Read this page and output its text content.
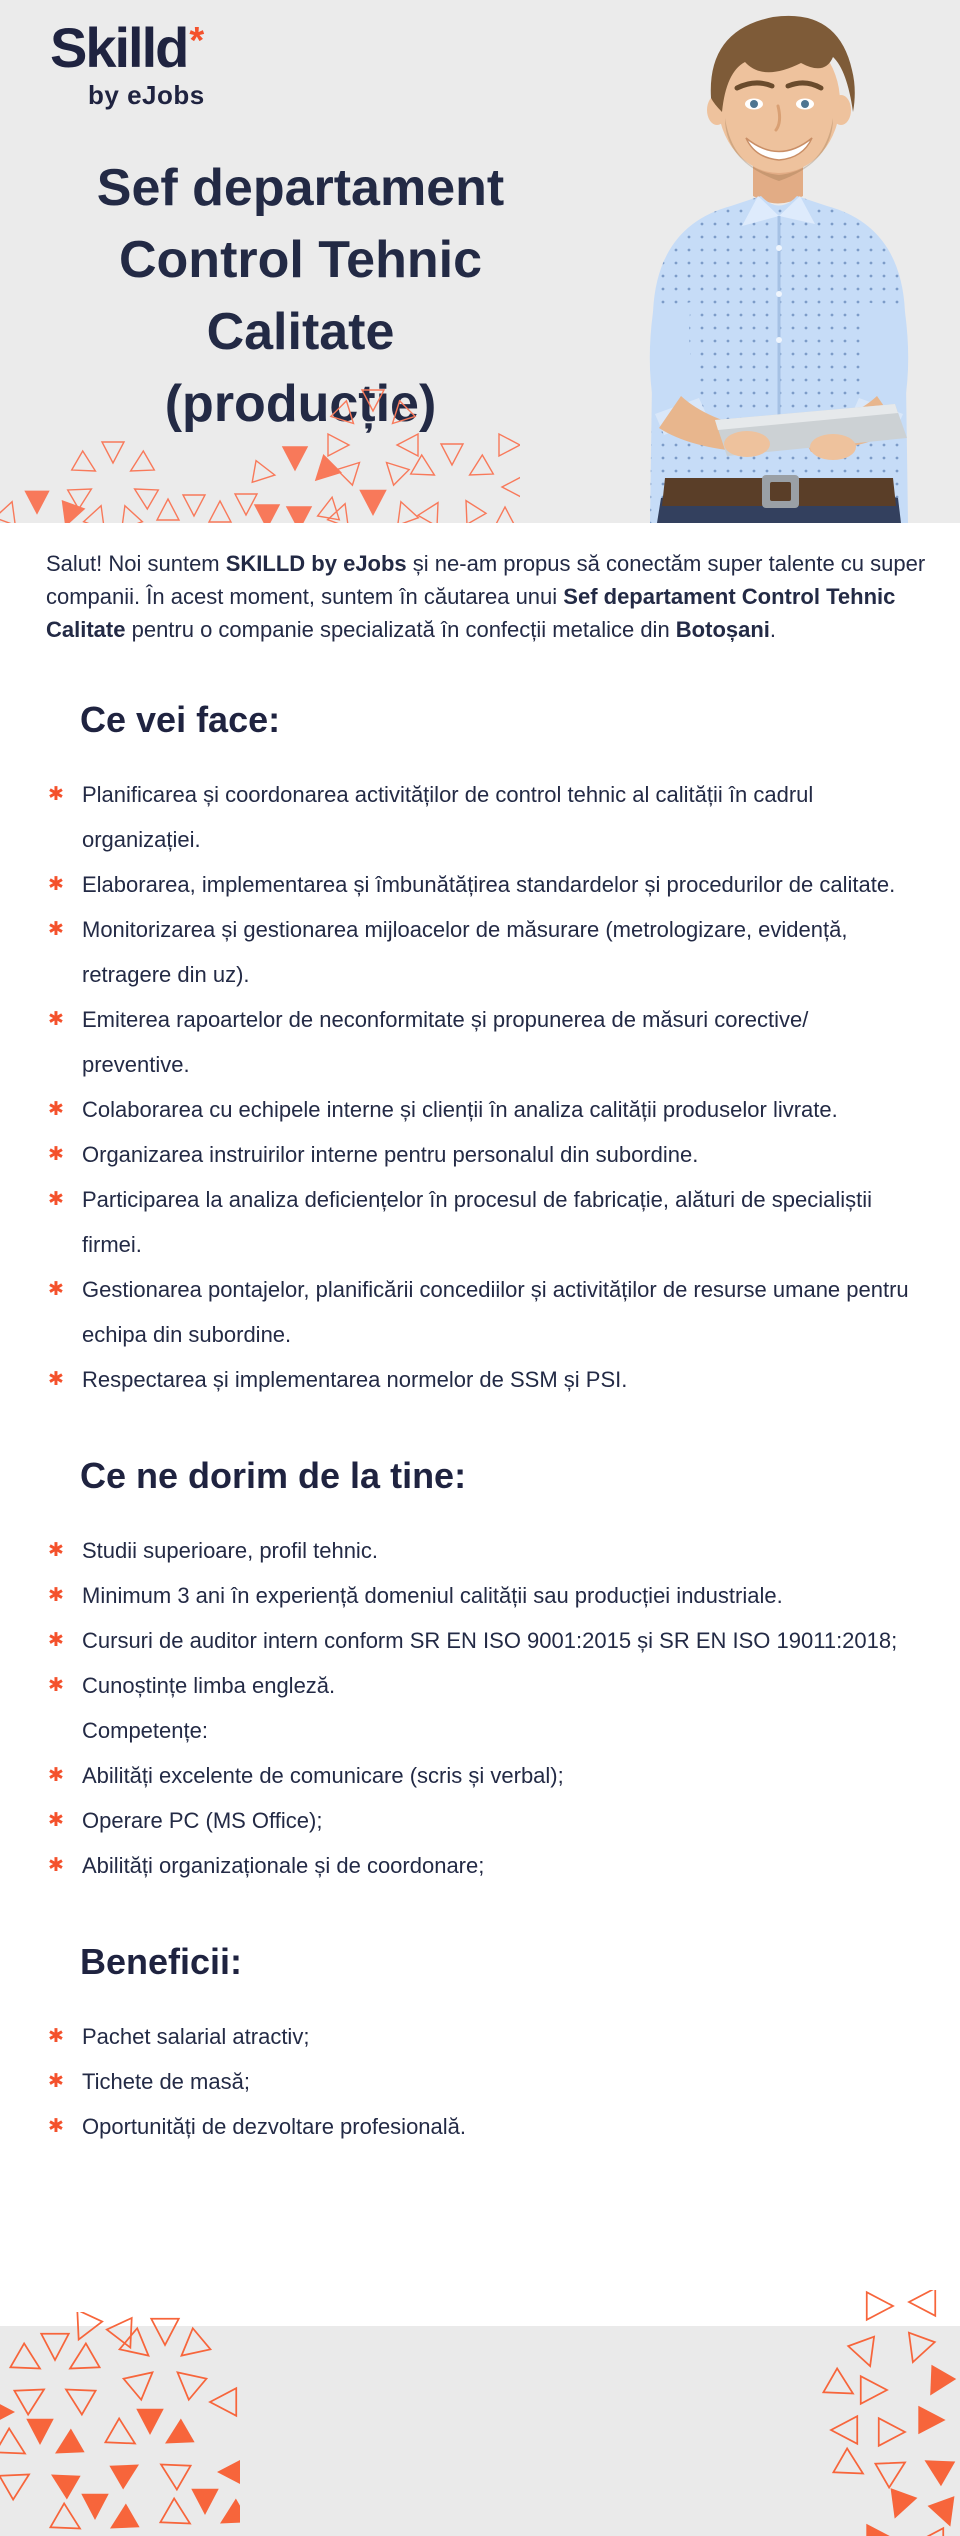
Skilld*
by eJobs
Sef departament
Control Tehnic Calitate
(producție)

Salut! Noi suntem SKILLD by eJobs și ne-am propus să conectăm super talente cu super companii. În acest moment, suntem în căutarea unui Sef departament Control Tehnic Calitate pentru o companie specializată în confecții metalice din Botoșani.

Ce vei face:
✱ Planificarea și coordonarea activităților de control tehnic al calității în cadrul organizației.
✱ Elaborarea, implementarea și îmbunătățirea standardelor și procedurilor de calitate.
✱ Monitorizarea și gestionarea mijloacelor de măsurare (metrologizare, evidență, retragere din uz).
✱ Emiterea rapoartelor de neconformitate și propunerea de măsuri corective/ preventive.
✱ Colaborarea cu echipele interne și clienții în analiza calității produselor livrate.
✱ Organizarea instruirilor interne pentru personalul din subordine.
✱ Participarea la analiza deficiențelor în procesul de fabricație, alături de specialiștii firmei.
✱ Gestionarea pontajelor, planificării concediilor și activităților de resurse umane pentru echipa din subordine.
✱ Respectarea și implementarea normelor de SSM și PSI.
Ce ne dorim de la tine:
✱ Studii superioare, profil tehnic.
✱ Minimum 3 ani în experiență domeniul calității sau producției industriale.
✱ Cursuri de auditor intern conform SR EN ISO 9001:2015 și SR EN ISO 19011:2018;
✱ Cunoștințe limba engleză.
Competențe:
✱ Abilități excelente de comunicare (scris și verbal);
✱ Operare PC (MS Office);
✱ Abilități organizaționale și de coordonare;
Beneficii:
✱ Pachet salarial atractiv;
✱ Tichete de masă;
✱ Oportunități de dezvoltare profesională.
